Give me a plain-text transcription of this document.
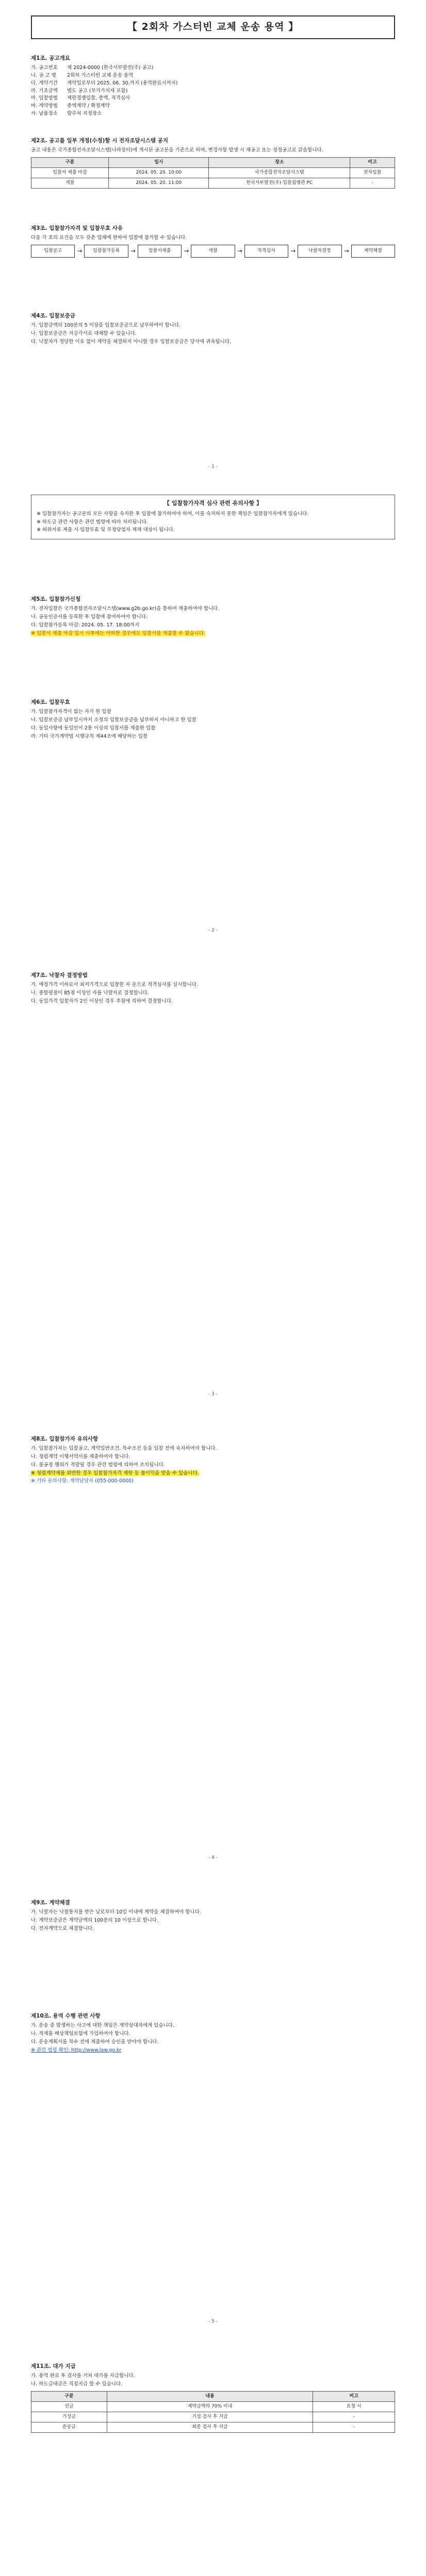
【 2회차 가스터빈 교체 운송 용역 】
제1조. 공고개요
가. 공고번호	제 2024-0000 (한국서부발전(주) 공고)
나. 공 고 명	2회차 가스터빈 교체 운송 용역
다. 계약기간	계약일로부터 2025. 06. 30.까지 (용역완료시까지)
라. 기초금액	별도 공고 (부가가치세 포함)
마. 입찰방법	제한경쟁입찰, 총액, 적격심사
바. 계약방법	총액계약 / 확정계약
사. 납품장소	발주처 지정장소
제2조. 공고를 일부 개정(수정)할 시 전자조달시스템 공지

공고 내용은 국가종합전자조달시스템(나라장터)에 게시된 공고문을 기준으로 하며, 변경사항 발생 시 재공고 또는 정정공고로 갈음합니다.

구분	일시	장소	비고
입찰서 제출 마감	2024. 05. 20. 10:00	국가종합전자조달시스템	전자입찰
개찰	2024. 05. 20. 11:00	한국서부발전(주) 입찰집행관 PC	-
제3조. 입찰참가자격 및 입찰무효 사유

다음 각 호의 요건을 모두 갖춘 업체에 한하여 입찰에 참가할 수 있습니다.

입찰공고	→	입찰참가등록	→	입찰서제출	→	개찰	→	적격심사	→	낙찰자결정	→	계약체결
제4조. 입찰보증금

가. 입찰금액의 100분의 5 이상을 입찰보증금으로 납부하여야 합니다.

나. 입찰보증금은 지급각서로 대체할 수 있습니다.

다. 낙찰자가 정당한 이유 없이 계약을 체결하지 아니할 경우 입찰보증금은 당사에 귀속됩니다.

- 1 -
【 입찰참가자격 심사 관련 유의사항 】

※ 입찰참가자는 공고문의 모든 사항을 숙지한 후 입찰에 참가하여야 하며, 이를 숙지하지 못한 책임은 입찰참가자에게 있습니다.

※ 하도급 관련 사항은 관련 법령에 따라 처리됩니다.

※ 허위서류 제출 시 입찰무효 및 부정당업자 제재 대상이 됩니다.

제5조. 입찰참가신청

가. 전자입찰은 국가종합전자조달시스템(www.g2b.go.kr)을 통하여 제출하여야 합니다.

나. 공동인증서를 등록한 후 입찰에 참여하여야 합니다.

다. 입찰참가등록 마감: 2024. 05. 17. 18:00까지

※ 입찰서 제출 마감 일시 이후에는 어떠한 경우에도 입찰서를 제출할 수 없습니다.

제6조. 입찰무효

가. 입찰참가자격이 없는 자가 한 입찰

나. 입찰보증금 납부일시까지 소정의 입찰보증금을 납부하지 아니하고 한 입찰

다. 동일사항에 동일인이 2통 이상의 입찰서를 제출한 입찰

라. 기타 국가계약법 시행규칙 제44조에 해당하는 입찰

- 2 -
제7조. 낙찰자 결정방법

가. 예정가격 이하로서 최저가격으로 입찰한 자 순으로 적격심사를 실시합니다.

나. 종합평점이 85점 이상인 자를 낙찰자로 결정합니다.

다. 동일가격 입찰자가 2인 이상인 경우 추첨에 의하여 결정합니다.

- 3 -
제8조. 입찰참가자 유의사항

가. 입찰참가자는 입찰공고, 계약일반조건, 특수조건 등을 입찰 전에 숙지하여야 합니다.

나. 청렴계약 이행서약서를 제출하여야 합니다.

다. 불공정 행위가 적발될 경우 관련 법령에 의하여 조치됩니다.

※ 청렴계약제를 위반한 경우 입찰참가자격 제한 등 불이익을 받을 수 있습니다.

※ 기타 문의사항: 계약담당자 (055-000-0000)

- 4 -
제9조. 계약체결

가. 낙찰자는 낙찰통지를 받은 날로부터 10일 이내에 계약을 체결하여야 합니다.

나. 계약보증금은 계약금액의 100분의 10 이상으로 합니다.

다. 전자계약으로 체결합니다.

제10조. 용역 수행 관련 사항

가. 운송 중 발생하는 사고에 대한 책임은 계약상대자에게 있습니다.

나. 적재물 배상책임보험에 가입하여야 합니다.

다. 운송계획서를 착수 전에 제출하여 승인을 받아야 합니다.

※ 관련 법령 확인: http://www.law.go.kr

- 5 -
제11조. 대가 지급

가. 용역 완료 후 검사를 거쳐 대가를 지급합니다.

나. 하도급대금은 직접지급 할 수 있습니다.

구분	내용	비고
선금	계약금액의 70% 이내	요청 시
기성금	기성 검사 후 지급	-
준공금	최종 검사 후 지급	-
